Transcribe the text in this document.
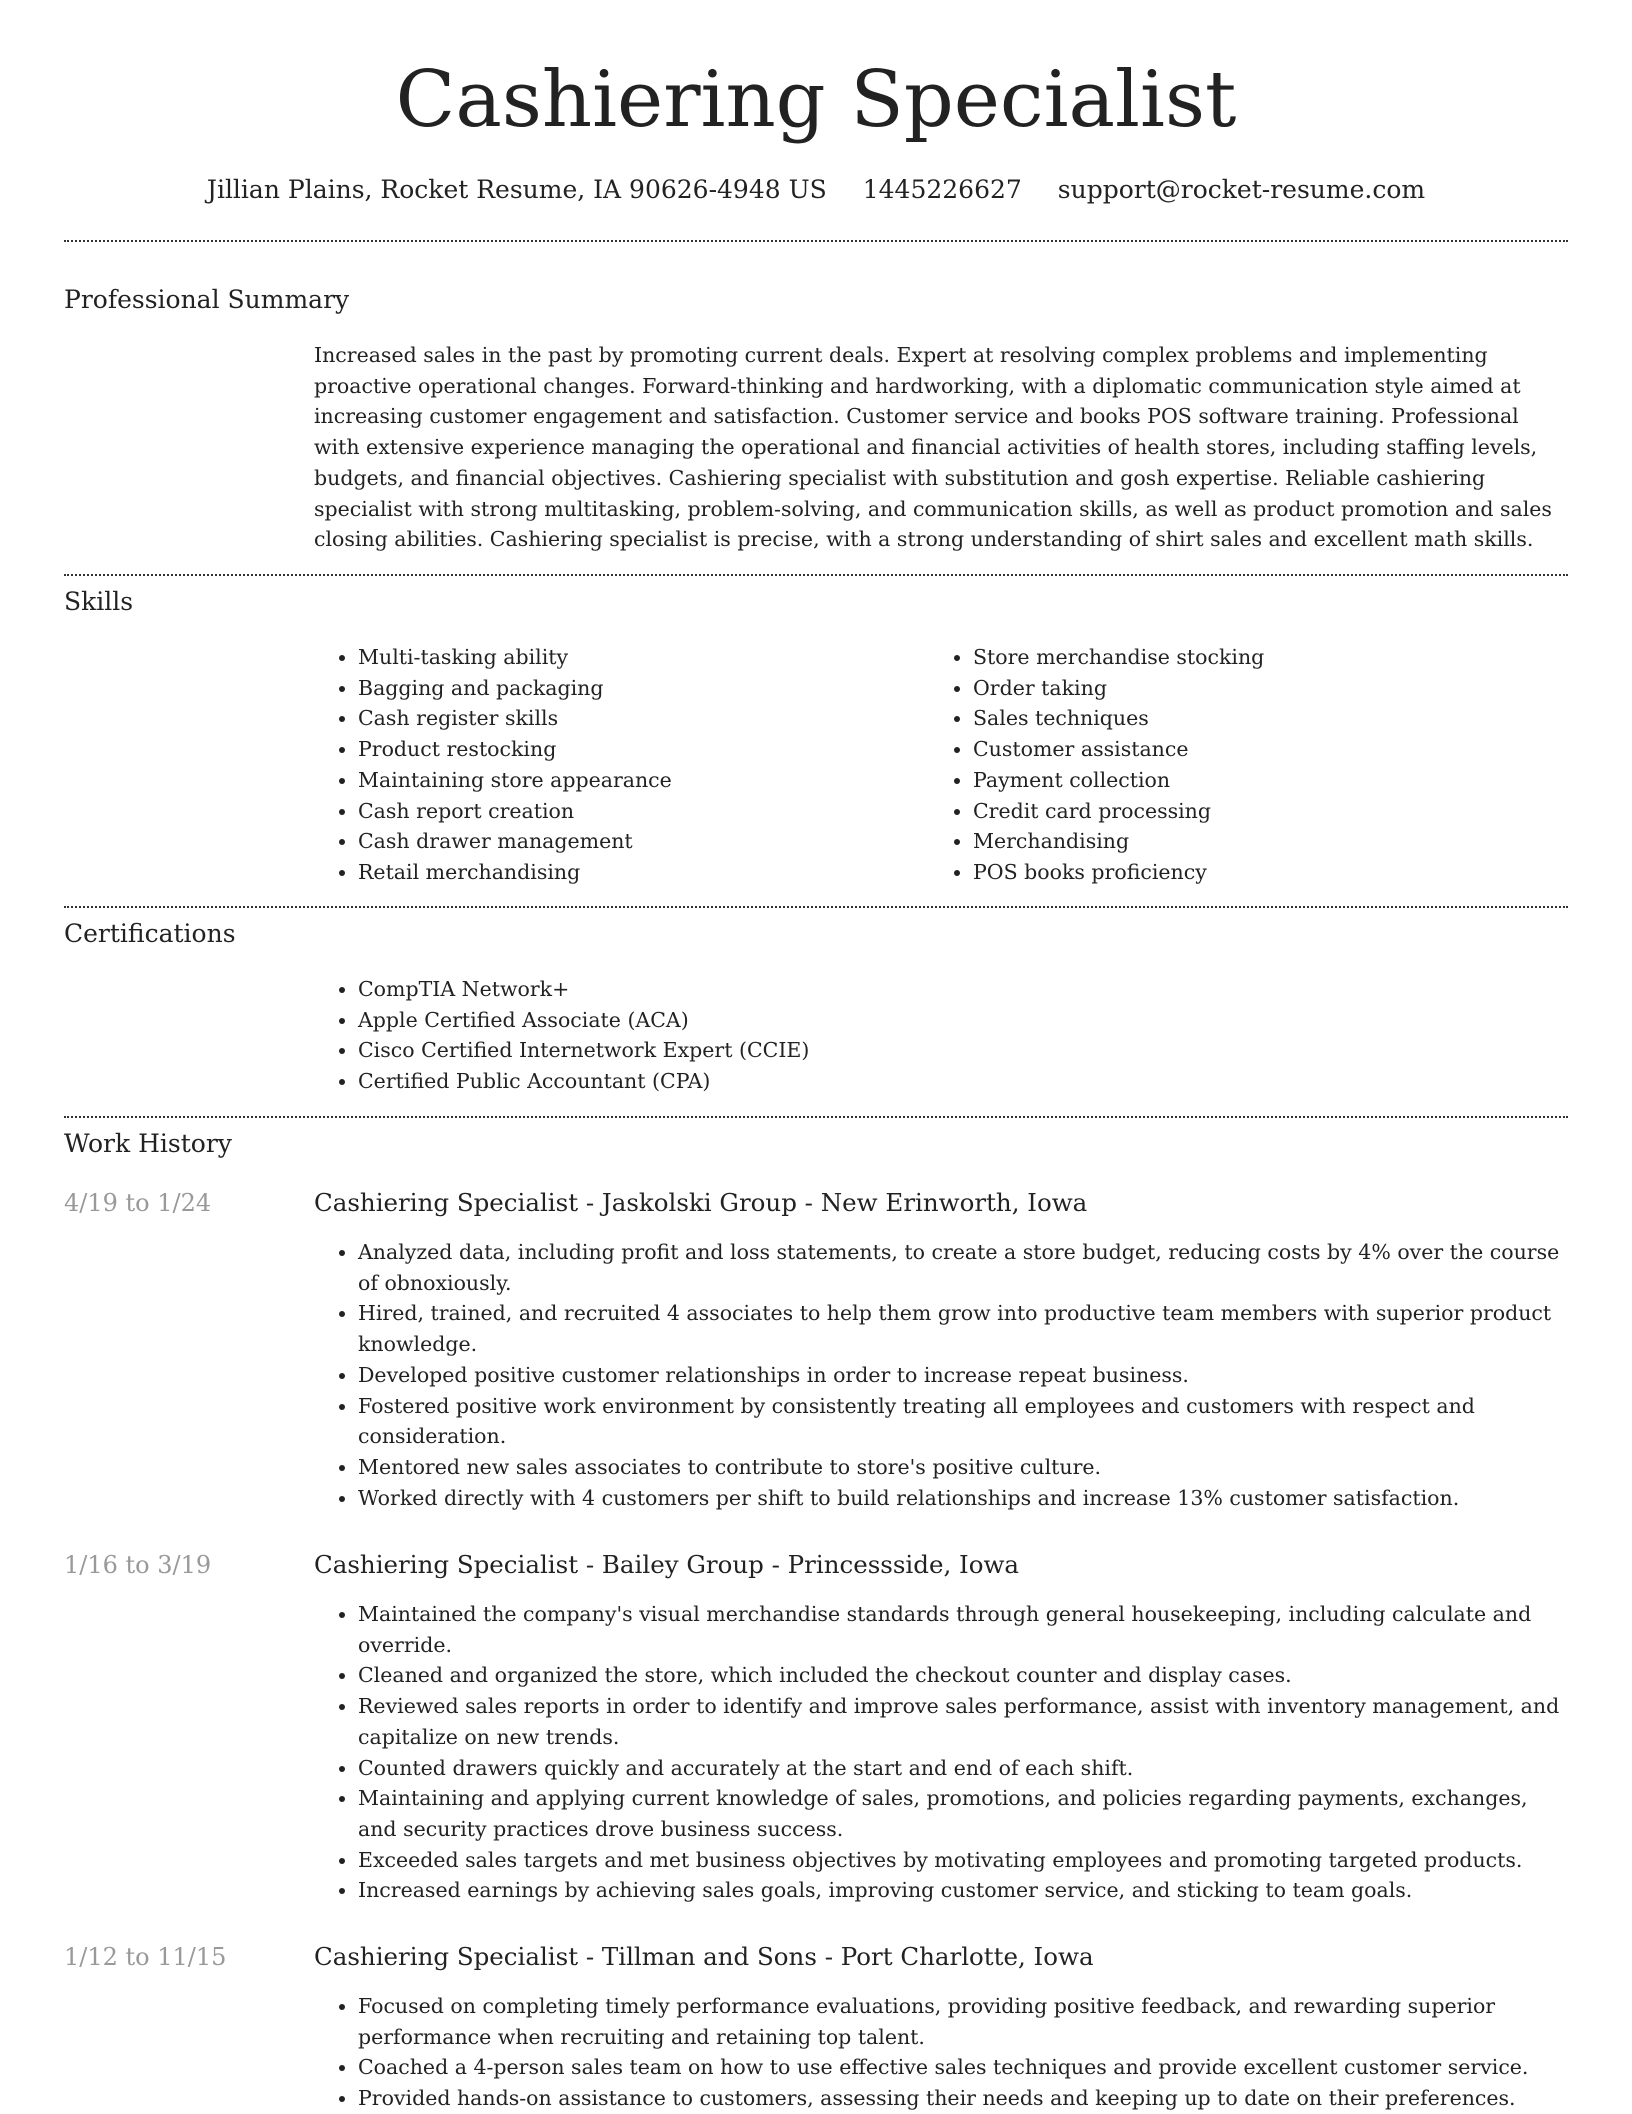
Cashiering Specialist
Jillian Plains, Rocket Resume, IA 90626-4948 US 1445226627 support@rocket-resume.com
Professional Summary

Increased sales in the past by promoting current deals. Expert at resolving complex problems and implementing proactive operational changes. Forward-thinking and hardworking, with a diplomatic communication style aimed at increasing customer engagement and satisfaction. Customer service and books POS software training. Professional with extensive experience managing the operational and financial activities of health stores, including staffing levels, budgets, and financial objectives. Cashiering specialist with substitution and gosh expertise. Reliable cashiering specialist with strong multitasking, problem-solving, and communication skills, as well as product promotion and sales closing abilities. Cashiering specialist is precise, with a strong understanding of shirt sales and excellent math skills.

Skills
• Multi-tasking ability
• Bagging and packaging
• Cash register skills
• Product restocking
• Maintaining store appearance
• Cash report creation
• Cash drawer management
• Retail merchandising
• Store merchandise stocking
• Order taking
• Sales techniques
• Customer assistance
• Payment collection
• Credit card processing
• Merchandising
• POS books proficiency
Certifications
• CompTIA Network+
• Apple Certified Associate (ACA)
• Cisco Certified Internetwork Expert (CCIE)
• Certified Public Accountant (CPA)
Work History
4/19 to 1/24	Cashiering Specialist - Jaskolski Group - New Erinworth, Iowa
• Analyzed data, including profit and loss statements, to create a store budget, reducing costs by 4% over the course of obnoxiously.
• Hired, trained, and recruited 4 associates to help them grow into productive team members with superior product knowledge.
• Developed positive customer relationships in order to increase repeat business.
• Fostered positive work environment by consistently treating all employees and customers with respect and consideration.
• Mentored new sales associates to contribute to store's positive culture.
• Worked directly with 4 customers per shift to build relationships and increase 13% customer satisfaction.
1/16 to 3/19	Cashiering Specialist - Bailey Group - Princessside, Iowa
• Maintained the company's visual merchandise standards through general housekeeping, including calculate and override.
• Cleaned and organized the store, which included the checkout counter and display cases.
• Reviewed sales reports in order to identify and improve sales performance, assist with inventory management, and capitalize on new trends.
• Counted drawers quickly and accurately at the start and end of each shift.
• Maintaining and applying current knowledge of sales, promotions, and policies regarding payments, exchanges, and security practices drove business success.
• Exceeded sales targets and met business objectives by motivating employees and promoting targeted products.
• Increased earnings by achieving sales goals, improving customer service, and sticking to team goals.
1/12 to 11/15	Cashiering Specialist - Tillman and Sons - Port Charlotte, Iowa
• Focused on completing timely performance evaluations, providing positive feedback, and rewarding superior performance when recruiting and retaining top talent.
• Coached a 4-person sales team on how to use effective sales techniques and provide excellent customer service.
• Provided hands-on assistance to customers, assessing their needs and keeping up to date on their preferences.
